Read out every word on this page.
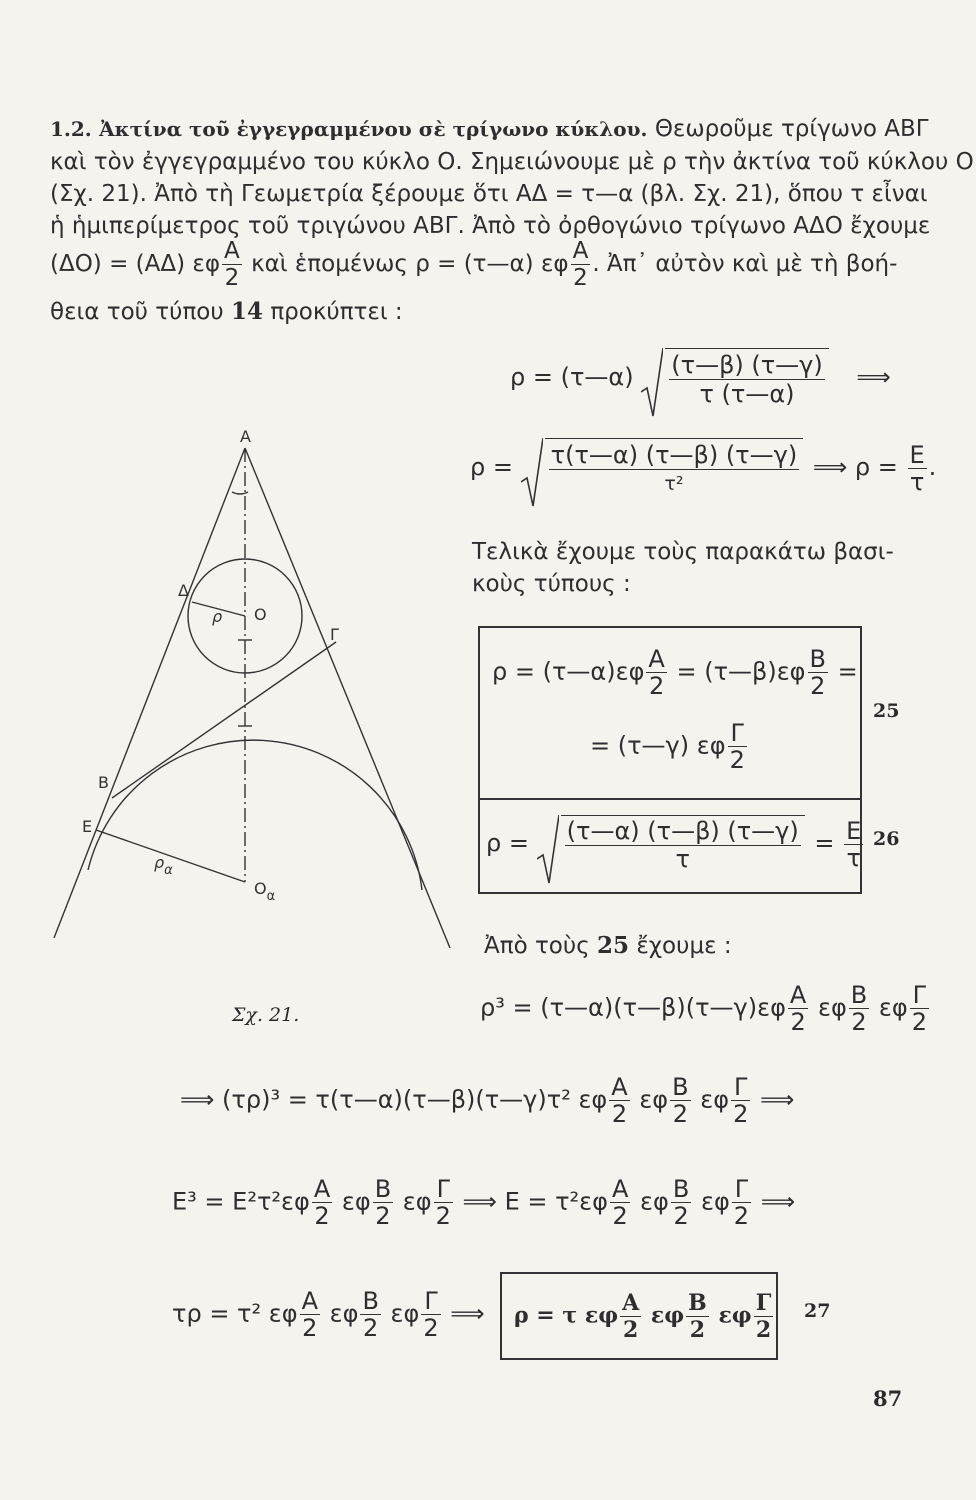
1.2. Ἀκτίνα τοῦ ἐγγεγραμμένου σὲ τρίγωνο κύκλου. Θεωροῦμε τρίγωνο ΑΒΓ
καὶ τὸν ἐγγεγραμμένο του κύκλο Ο. Σημειώνουμε μὲ ρ τὴν ἀκτίνα τοῦ κύκλου Ο
(Σχ. 21). Ἀπὸ τὴ Γεωμετρία ξέρουμε ὅτι ΑΔ = τ—α (βλ. Σχ. 21), ὅπου τ εἶναι
ἡ ἡμιπερίμετρος τοῦ τριγώνου ΑΒΓ. Ἀπὸ τὸ ὀρθογώνιο τρίγωνο ΑΔΟ ἔχουμε
(ΔΟ) = (ΑΔ) εφ $\frac{A}{2}$ καὶ ἑπομένως ρ = (τ—α) εφ $\frac{A}{2}$ . Ἀπ᾿ αὐτὸν καὶ μὲ τὴ βοή-
θεια τοῦ τύπου 14 προκύπτει :
ρ = (τ—α) $\frac{(\tau—\beta) (\tau—\gamma)}{\tau (\tau—\alpha)}$ ⟹
$\rho = \frac{\tau(\tau—\alpha) (\tau—\beta) (\tau—\gamma)}{\text{τ²}}$ ⟹ $\rho = \frac{E}{\tau}$ .
Τελικὰ ἔχουμε τοὺς παρακάτω βασι-
κοὺς τύπους :
ρ = (τ—α)εφ $\frac{A}{2}$ = (τ—β)εφ $\frac{B}{2}$ =
= (τ—γ) εφ $\frac{\Gamma}{2}$
25
$\rho = \frac{(\tau—\alpha) (\tau—\beta) (\tau—\gamma)}{\tau} = \frac{E}{\tau} 26$
Ἀπὸ τοὺς 25 ἔχουμε :
ρ³ = (τ—α)(τ—β)(τ—γ)εφ $\frac{A}{2}$ εφ $\frac{B}{2}$ εφ $\frac{\Gamma}{2}$
Σχ. 21.
⟹ (τρ)³ = τ(τ—α)(τ—β)(τ—γ)τ² εφ $\frac{A}{2}$ εφ $\frac{B}{2}$ εφ $\frac{\Gamma}{2}$ ⟹
$E^3 = E^2\tau^2\varepsilon\varphi \frac{A}{2}$ εφ $\frac{B}{2}$ εφ $\frac{\Gamma}{2}$ ⟹ $E = \tau^2\varepsilon\varphi \frac{A}{2}$ εφ $\frac{B}{2}$ εφ $\frac{\Gamma}{2}$ ⟹
τρ = τ² εφ $\frac{A}{2}$ εφ $\frac{B}{2}$ εφ $\frac{\Gamma}{2}$ ⟹ ρ = τ εφ $\frac{A}{2}$ εφ $\frac{B}{2}$ εφ $\frac{\Gamma}{2} 27$
87
Α
Δ
ρ Ο
Γ
Β
Ε
$\rho_\alpha$
$O_\alpha$
